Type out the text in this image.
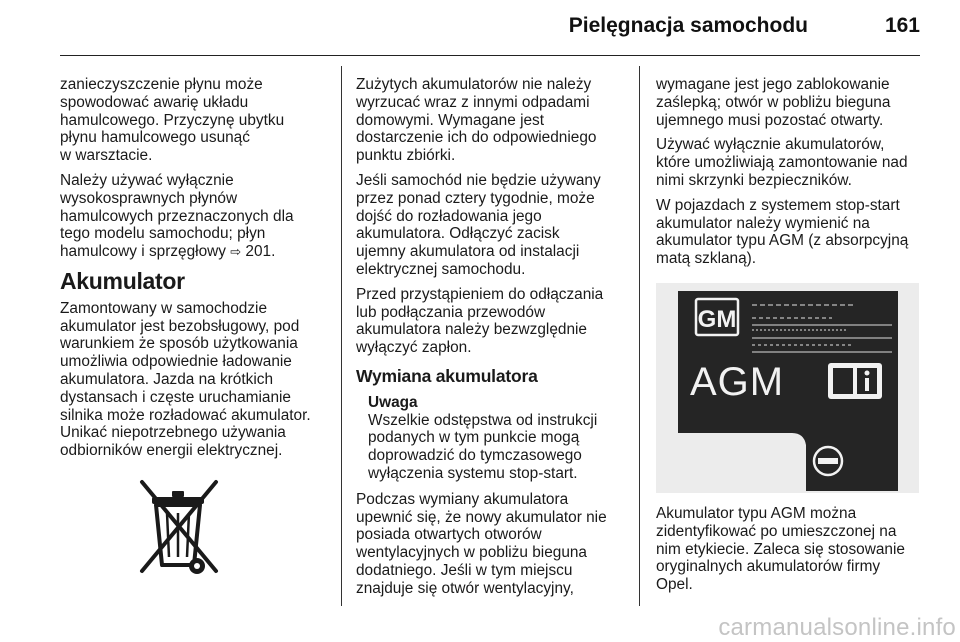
Pielęgnacja samochodu	161

zanieczyszczenie płynu może
spowodować awarię układu
hamulcowego. Przyczynę ubytku
płynu hamulcowego usunąć
w warsztacie.

Należy używać wyłącznie
wysokosprawnych płynów
hamulcowych przeznaczonych dla
tego modelu samochodu; płyn
hamulcowy i sprzęgłowy ⇨ 201.

Akumulator

Zamontowany w samochodzie
akumulator jest bezobsługowy, pod
warunkiem że sposób użytkowania
umożliwia odpowiednie ładowanie
akumulatora. Jazda na krótkich
dystansach i częste uruchamianie
silnika może rozładować akumulator.
Unikać niepotrzebnego używania
odbiorników energii elektrycznej.

Zużytych akumulatorów nie należy
wyrzucać wraz z innymi odpadami
domowymi. Wymagane jest
dostarczenie ich do odpowiedniego
punktu zbiórki.

Jeśli samochód nie będzie używany
przez ponad cztery tygodnie, może
dojść do rozładowania jego
akumulatora. Odłączyć zacisk
ujemny akumulatora od instalacji
elektrycznej samochodu.

Przed przystąpieniem do odłączania
lub podłączania przewodów
akumulatora należy bezwzględnie
wyłączyć zapłon.

Wymiana akumulatora
Uwaga
Wszelkie odstępstwa od instrukcji
podanych w tym punkcie mogą
doprowadzić do tymczasowego
wyłączenia systemu stop-start.

Podczas wymiany akumulatora
upewnić się, że nowy akumulator nie
posiada otwartych otworów
wentylacyjnych w pobliżu bieguna
dodatniego. Jeśli w tym miejscu
znajduje się otwór wentylacyjny,

wymagane jest jego zablokowanie
zaślepką; otwór w pobliżu bieguna
ujemnego musi pozostać otwarty.

Używać wyłącznie akumulatorów,
które umożliwiają zamontowanie nad
nimi skrzynki bezpieczników.

W pojazdach z systemem stop-start
akumulator należy wymienić na
akumulator typu AGM (z absorpcyjną
matą szklaną).

GM
AGM

Akumulator typu AGM można
zidentyfikować po umieszczonej na
nim etykiecie. Zaleca się stosowanie
oryginalnych akumulatorów firmy
Opel.

carmanualsonline.info
